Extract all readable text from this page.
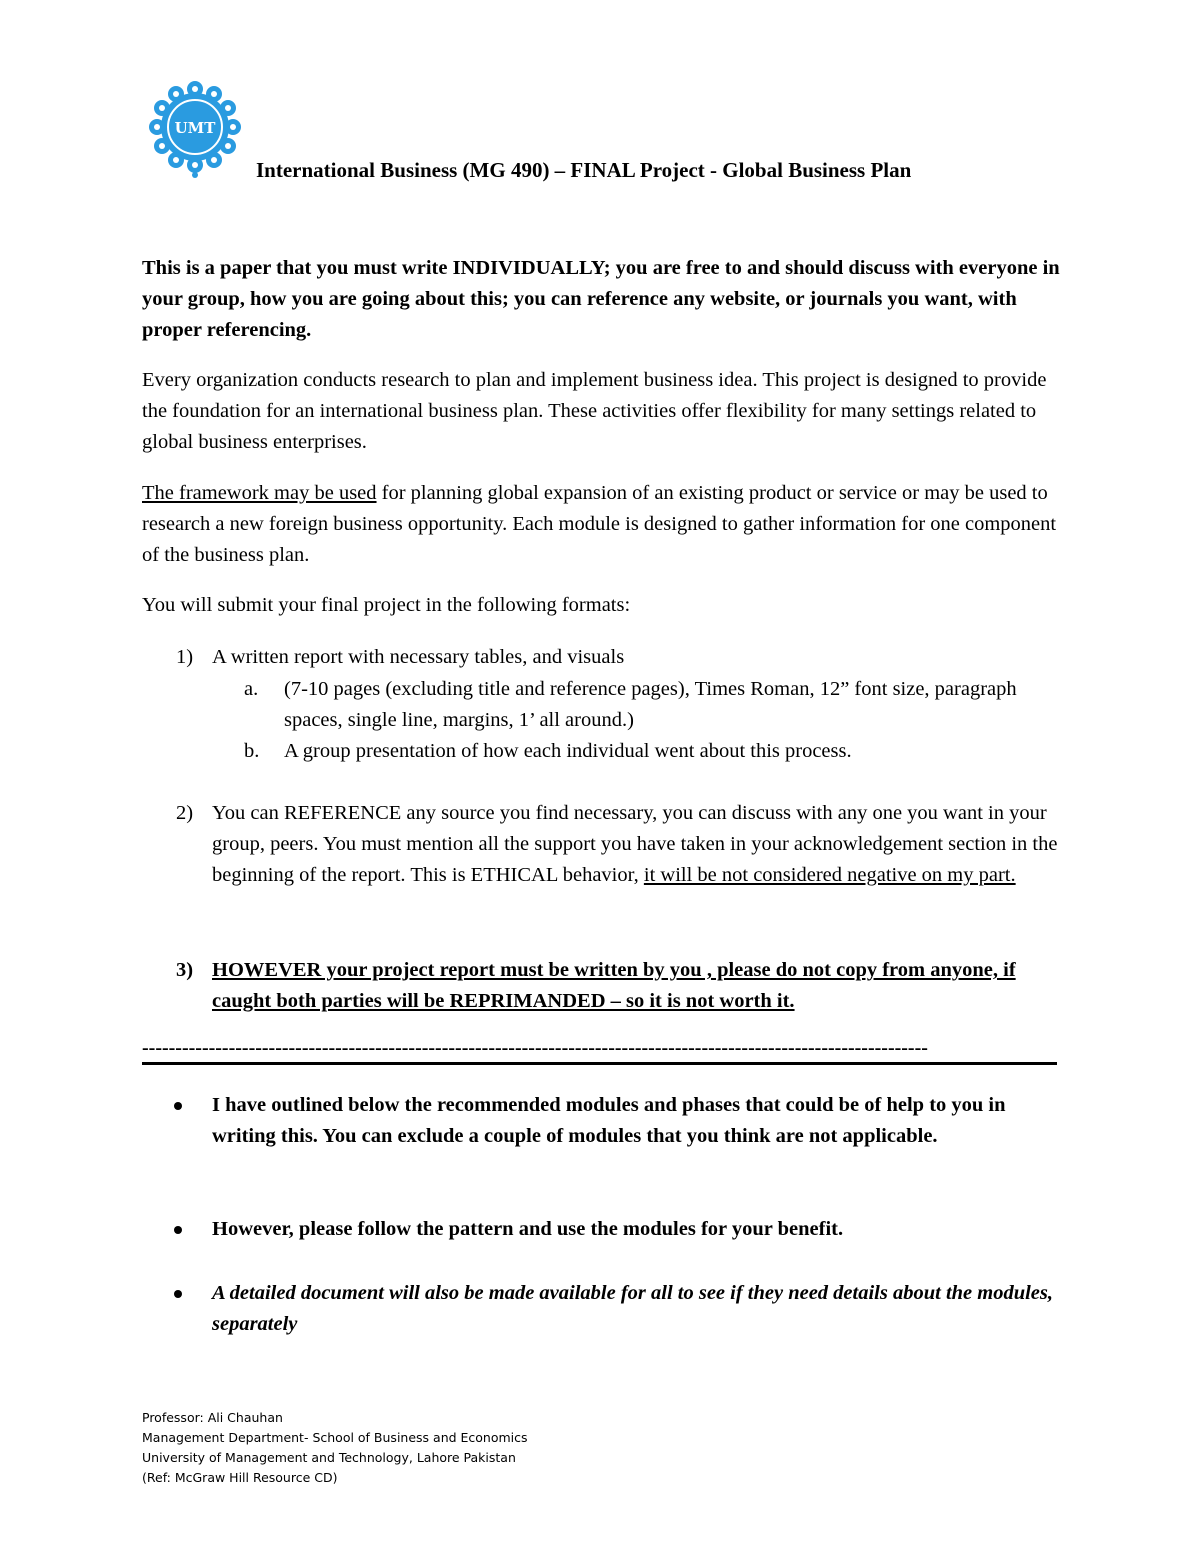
UMT
International Business (MG 490) – FINAL Project - Global Business Plan
This is a paper that you must write INDIVIDUALLY; you are free to and should discuss with everyone in your group, how you are going about this; you can reference any website, or journals you want, with proper referencing.
Every organization conducts research to plan and implement business idea. This project is designed to provide the foundation for an international business plan. These activities offer flexibility for many settings related to global business enterprises.
The framework may be used for planning global expansion of an existing product or service or may be used to research a new foreign business opportunity. Each module is designed to gather information for one component of the business plan.
You will submit your final project in the following formats:
1) A written report with necessary tables, and visuals
a. (7-10 pages (excluding title and reference pages), Times Roman, 12” font size, paragraph spaces, single line, margins, 1’ all around.)
b. A group presentation of how each individual went about this process.
2) You can REFERENCE any source you find necessary, you can discuss with any one you want in your group, peers. You must mention all the support you have taken in your acknowledgement section in the beginning of the report. This is ETHICAL behavior, it will be not considered negative on my part.
3) HOWEVER your project report must be written by you , please do not copy from anyone, if caught both parties will be REPRIMANDED – so it is not worth it.
----------------------------------------------------------------------------------------------------------------------
I have outlined below the recommended modules and phases that could be of help to you in writing this. You can exclude a couple of modules that you think are not applicable.
However, please follow the pattern and use the modules for your benefit.
A detailed document will also be made available for all to see if they need details about the modules, separately
Professor: Ali Chauhan
Management Department- School of Business and Economics
University of Management and Technology, Lahore Pakistan
(Ref: McGraw Hill Resource CD)
